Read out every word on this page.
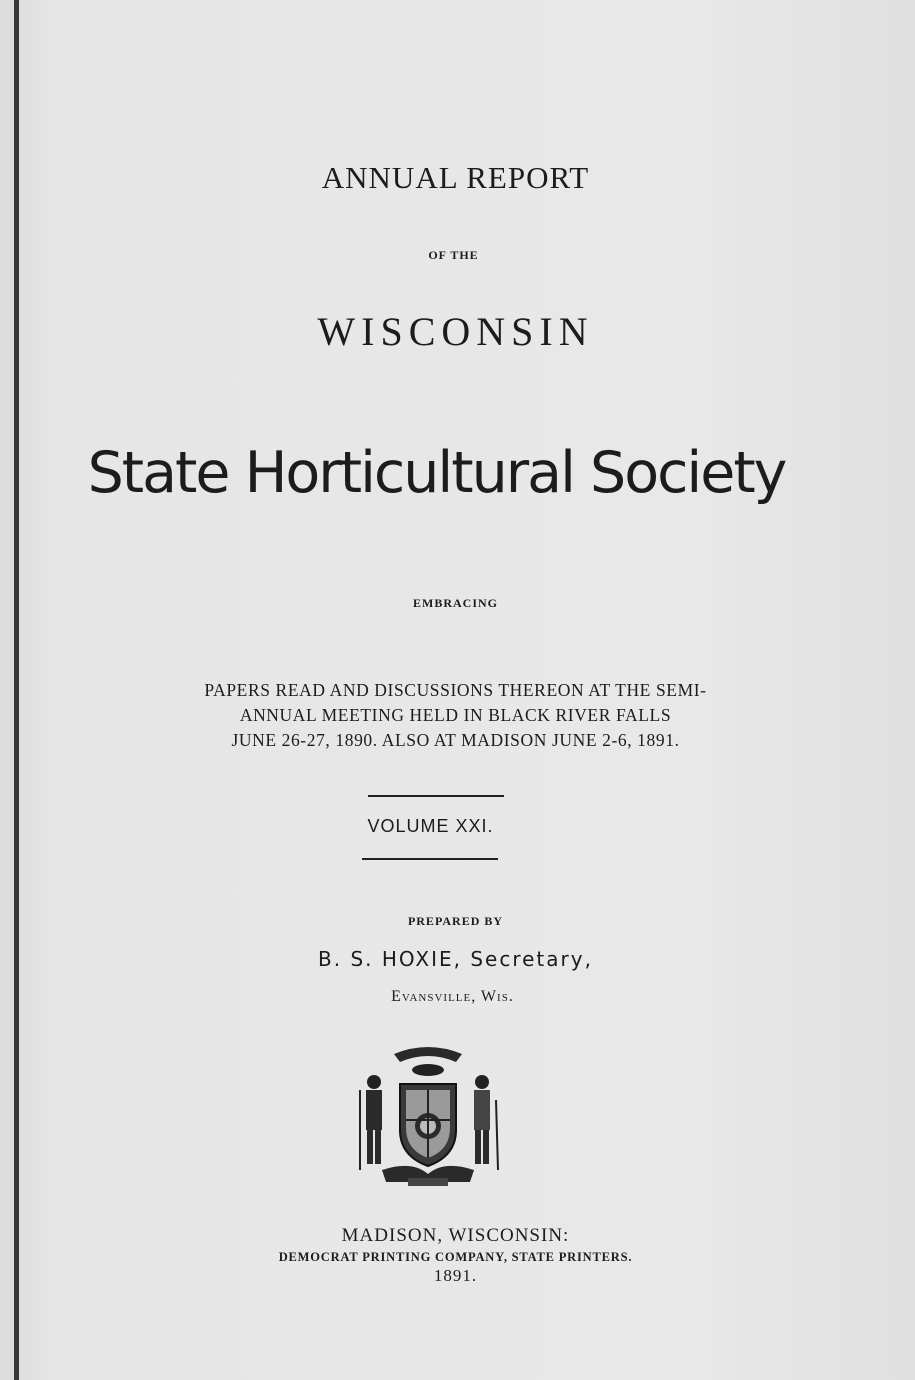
ANNUAL REPORT
OF THE
WISCONSIN
State Horticultural Society
EMBRACING
PAPERS READ AND DISCUSSIONS THEREON AT THE SEMI-
ANNUAL MEETING HELD IN BLACK RIVER FALLS
JUNE 26-27, 1890. ALSO AT MADISON JUNE 2-6, 1891.
VOLUME XXI.
PREPARED BY
B. S. HOXIE, Secretary,
Evansville, Wis.
MADISON, WISCONSIN:
DEMOCRAT PRINTING COMPANY, STATE PRINTERS.
1891.
